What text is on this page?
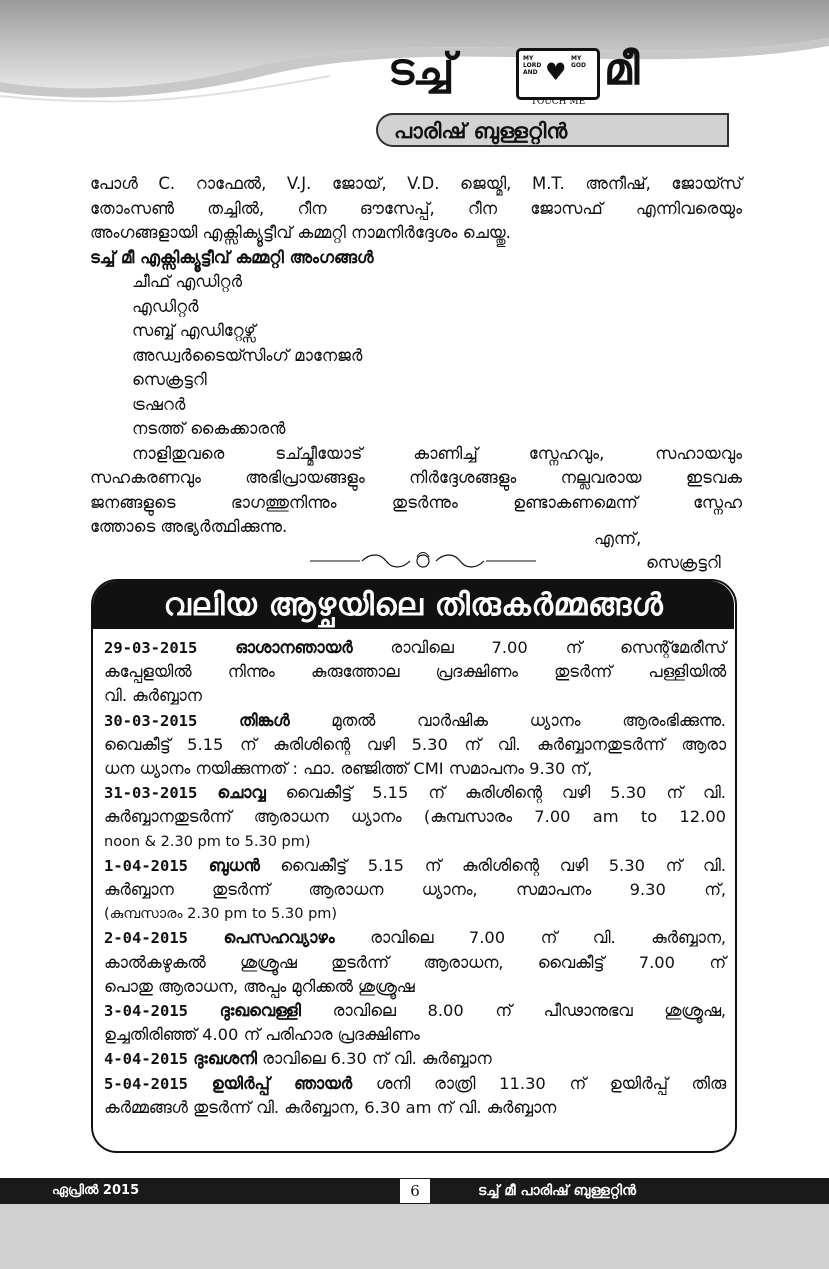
ടച്ച്	MY LORD AND ♥ MY GOD മീ
TOUCH ME
പാരിഷ് ബുള്ളറ്റിൻ

പോൾ C. റാഫേൽ, V.J. ജോയ്, V.D. ജെയ്മി, M.T. അനീഷ്, ജോയ്സ്

തോംസൺ തച്ചിൽ, റീന ഔസേപ്പ്, റീന ജോസഫ് എന്നിവരെയും

അംഗങ്ങളായി എക്സിക്യൂട്ടീവ് കമ്മറ്റി നാമനിർദ്ദേശം ചെയ്തു.

ടച്ച് മീ എക്സിക്യൂട്ടീവ് കമ്മറ്റി അംഗങ്ങൾ

ചീഫ് എഡിറ്റർ

എഡിറ്റർ

സബ്ബ് എഡിറ്റേഴ്സ്

അഡ്വർടൈയ്സിംഗ് മാനേജർ

സെക്രട്ടറി

ട്രഷറർ

നടത്ത് കൈക്കാരൻ

നാളിതുവരെ ടച്ച്മീയോട് കാണിച്ച് സ്നേഹവും, സഹായവും

സഹകരണവും അഭിപ്രായങ്ങളും നിർദ്ദേശങ്ങളും നല്ലവരായ ഇടവക

ജനങ്ങളുടെ ഭാഗത്തുനിന്നും തുടർന്നും ഉണ്ടാകണമെന്ന് സ്നേഹ

ത്തോടെ അഭ്യർത്ഥിക്കുന്നു.

എന്ന്,
സെക്രട്ടറി
വലിയ ആഴ്ചയിലെ തിരുകർമ്മങ്ങൾ

29-03-2015 ഓശാനഞായർ രാവിലെ 7.00 ന് സെന്റ്മേരീസ്

കപ്പേളയിൽ നിന്നും കുരുത്തോല പ്രദക്ഷിണം തുടർന്ന് പള്ളിയിൽ

വി. കുർബ്ബാന

30-03-2015	തിങ്കൾ	മുതൽ വാർഷിക ധ്യാനം ആരംഭിക്കുന്നു.

വൈകീട്ട് 5.15 ന് കുരിശിന്റെ വഴി 5.30 ന് വി. കുർബ്ബാനതുടർന്ന് ആരാ

ധന ധ്യാനം നയിക്കുന്നത് : ഫാ. രഞ്ജിത്ത് CMI സമാപനം 9.30 ന്,

31-03-2015 ചൊവ്വ വൈകീട്ട് 5.15 ന് കുരിശിന്റെ വഴി 5.30 ന് വി.

കുർബ്ബാനതുടർന്ന് ആരാധന ധ്യാനം (കുമ്പസാരം 7.00 am to 12.00

noon & 2.30 pm to 5.30 pm)

1-04-2015 ബുധൻ വൈകീട്ട് 5.15 ന് കുരിശിന്റെ വഴി 5.30 ന് വി.

കുർബ്ബാന തുടർന്ന് ആരാധന ധ്യാനം, സമാപനം 9.30 ന്,

(കുമ്പസാരം 2.30 pm to 5.30 pm)

2-04-2015 പെസഹവ്യാഴം രാവിലെ 7.00 ന് വി. കുർബ്ബാന,

കാൽകഴുകൽ ശുശ്രൂഷ തുടർന്ന് ആരാധന, വൈകീട്ട് 7.00 ന്

പൊതു ആരാധന, അപ്പം മുറിക്കൽ ശുശ്രൂഷ

3-04-2015 ദുഃഖവെള്ളി രാവിലെ 8.00 ന് പീഢാനുഭവ ശുശ്രൂഷ,

ഉച്ചതിരിഞ്ഞ് 4.00 ന് പരിഹാര പ്രദക്ഷിണം

4-04-2015 ദുഃഖശനി രാവിലെ 6.30 ന് വി. കുർബ്ബാന

5-04-2015 ഉയിർപ്പ് ഞായർ ശനി രാത്രി 11.30 ന് ഉയിർപ്പ് തിരു

കർമ്മങ്ങൾ തുടർന്ന് വി. കുർബ്ബാന, 6.30 am ന് വി. കുർബ്ബാന

ഏപ്രിൽ 2015	6	ടച്ച് മീ പാരിഷ് ബുള്ളറ്റിൻ
